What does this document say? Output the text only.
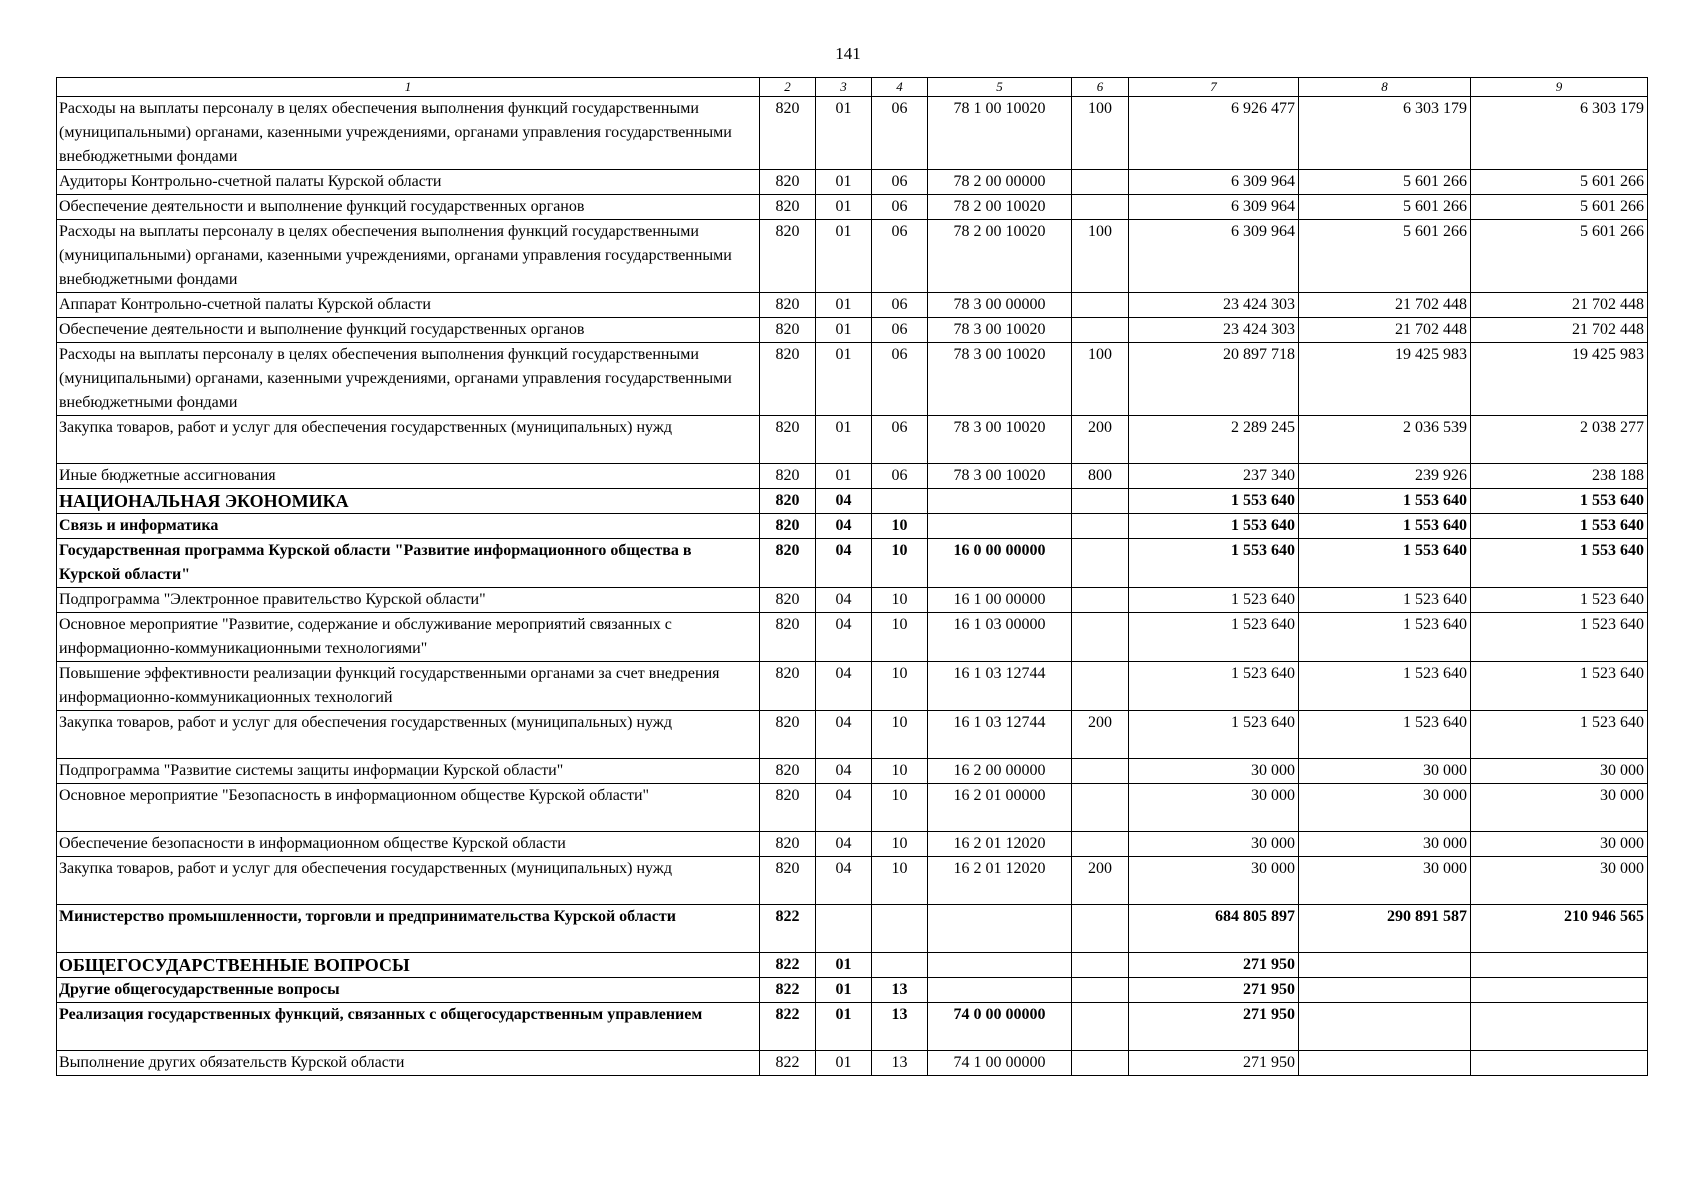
141
1	2	3	4	5	6	7	8	9
Расходы на выплаты персоналу в целях обеспечения выполнения функций государственными (муниципальными) органами, казенными учреждениями, органами управления государственными внебюджетными фондами	820	01	06	78 1 00 10020	100	6 926 477	6 303 179	6 303 179
Аудиторы Контрольно-счетной палаты Курской области	820	01	06	78 2 00 00000		6 309 964	5 601 266	5 601 266
Обеспечение деятельности и выполнение функций государственных органов	820	01	06	78 2 00 10020		6 309 964	5 601 266	5 601 266
Расходы на выплаты персоналу в целях обеспечения выполнения функций государственными (муниципальными) органами, казенными учреждениями, органами управления государственными внебюджетными фондами	820	01	06	78 2 00 10020	100	6 309 964	5 601 266	5 601 266
Аппарат Контрольно-счетной палаты Курской области	820	01	06	78 3 00 00000		23 424 303	21 702 448	21 702 448
Обеспечение деятельности и выполнение функций государственных органов	820	01	06	78 3 00 10020		23 424 303	21 702 448	21 702 448
Расходы на выплаты персоналу в целях обеспечения выполнения функций государственными (муниципальными) органами, казенными учреждениями, органами управления государственными внебюджетными фондами	820	01	06	78 3 00 10020	100	20 897 718	19 425 983	19 425 983
Закупка товаров, работ и услуг для обеспечения государственных (муниципальных) нужд	820	01	06	78 3 00 10020	200	2 289 245	2 036 539	2 038 277
Иные бюджетные ассигнования	820	01	06	78 3 00 10020	800	237 340	239 926	238 188
НАЦИОНАЛЬНАЯ ЭКОНОМИКА	820	04				1 553 640	1 553 640	1 553 640
Связь и информатика	820	04	10			1 553 640	1 553 640	1 553 640
Государственная программа Курской области "Развитие информационного общества в Курской области"	820	04	10	16 0 00 00000		1 553 640	1 553 640	1 553 640
Подпрограмма "Электронное правительство Курской области"	820	04	10	16 1 00 00000		1 523 640	1 523 640	1 523 640
Основное мероприятие "Развитие, содержание и обслуживание мероприятий связанных с информационно-коммуникационными технологиями"	820	04	10	16 1 03 00000		1 523 640	1 523 640	1 523 640
Повышение эффективности реализации функций государственными органами за счет внедрения информационно-коммуникационных технологий	820	04	10	16 1 03 12744		1 523 640	1 523 640	1 523 640
Закупка товаров, работ и услуг для обеспечения государственных (муниципальных) нужд	820	04	10	16 1 03 12744	200	1 523 640	1 523 640	1 523 640
Подпрограмма "Развитие системы защиты информации Курской области"	820	04	10	16 2 00 00000		30 000	30 000	30 000
Основное мероприятие "Безопасность в информационном обществе Курской области"	820	04	10	16 2 01 00000		30 000	30 000	30 000
Обеспечение безопасности в информационном обществе Курской области	820	04	10	16 2 01 12020		30 000	30 000	30 000
Закупка товаров, работ и услуг для обеспечения государственных (муниципальных) нужд	820	04	10	16 2 01 12020	200	30 000	30 000	30 000
Министерство промышленности, торговли и предпринимательства Курской области	822					684 805 897	290 891 587	210 946 565
ОБЩЕГОСУДАРСТВЕННЫЕ ВОПРОСЫ	822	01				271 950		
Другие общегосударственные вопросы	822	01	13			271 950		
Реализация государственных функций, связанных с общегосударственным управлением	822	01	13	74 0 00 00000		271 950		
Выполнение других обязательств Курской области	822	01	13	74 1 00 00000		271 950		
